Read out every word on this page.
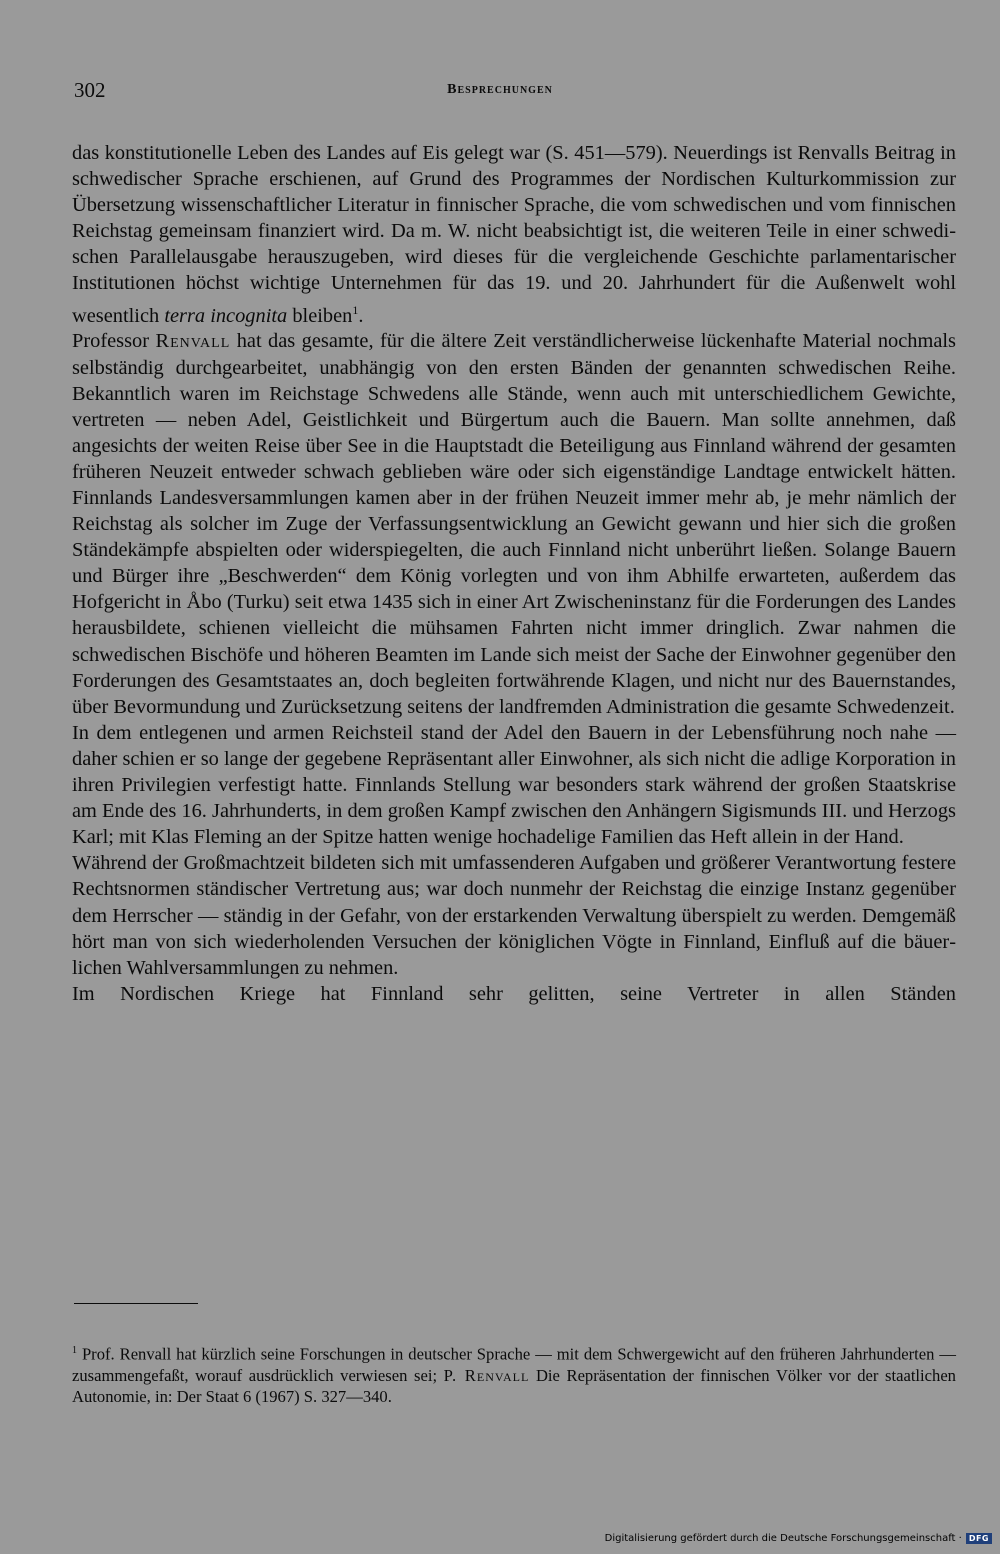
302	Besprechungen

das konstitutionelle Leben des Landes auf Eis gelegt war (S. 451—579). Neuerdings ist Renvalls Beitrag in schwedischer Sprache erschienen, auf Grund des Programmes der Nordischen Kulturkommission zur Übersetzung wissenschaftlicher Literatur in finnischer Sprache, die vom schwedischen und vom finnischen Reichstag gemeinsam finanziert wird. Da m. W. nicht beabsichtigt ist, die weiteren Teile in einer schwedischen Parallelausgabe herauszugeben, wird dieses für die vergleichende Geschichte parlamentarischer Institutionen höchst wichtige Unternehmen für das 19. und 20. Jahrhundert für die Außenwelt wohl wesentlich terra incognita bleiben$^1$.

Professor Renvall hat das gesamte, für die ältere Zeit verständlicherweise lückenhafte Material nochmals selbständig durchgearbeitet, unabhängig von den ersten Bänden der genannten schwedischen Reihe. Bekanntlich waren im Reichstage Schwedens alle Stände, wenn auch mit unterschiedlichem Gewichte, vertreten — neben Adel, Geistlichkeit und Bürgertum auch die Bauern. Man sollte annehmen, daß angesichts der weiten Reise über See in die Hauptstadt die Beteiligung aus Finnland während der gesamten früheren Neuzeit entweder schwach geblieben wäre oder sich eigenständige Landtage entwickelt hätten. Finnlands Landesversammlungen kamen aber in der frühen Neuzeit immer mehr ab, je mehr nämlich der Reichstag als solcher im Zuge der Verfassungsentwicklung an Gewicht gewann und hier sich die großen Ständekämpfe abspielten oder widerspiegelten, die auch Finnland nicht unberührt ließen. Solange Bauern und Bürger ihre „Beschwerden“ dem König vorlegten und von ihm Abhilfe erwarteten, außerdem das Hofgericht in Åbo (Turku) seit etwa 1435 sich in einer Art Zwischeninstanz für die Forderungen des Landes herausbildete, schienen vielleicht die mühsamen Fahrten nicht immer dringlich. Zwar nahmen die schwedischen Bischöfe und höheren Beamten im Lande sich meist der Sache der Einwohner gegenüber den Forderungen des Gesamtstaates an, doch begleiten fortwährende Klagen, und nicht nur des Bauernstandes, über Bevormundung und Zurücksetzung seitens der landfremden Administration die gesamte Schwedenzeit.

In dem entlegenen und armen Reichsteil stand der Adel den Bauern in der Lebensführung noch nahe — daher schien er so lange der gegebene Repräsentant aller Einwohner, als sich nicht die adlige Korporation in ihren Privilegien verfestigt hatte. Finnlands Stellung war besonders stark während der großen Staatskrise am Ende des 16. Jahrhunderts, in dem großen Kampf zwischen den Anhängern Sigismunds III. und Herzogs Karl; mit Klas Fleming an der Spitze hatten wenige hochadelige Familien das Heft allein in der Hand.

Während der Großmachtzeit bildeten sich mit umfassenderen Aufgaben und größerer Verantwortung festere Rechtsnormen ständischer Vertretung aus; war doch nunmehr der Reichstag die einzige Instanz gegenüber dem Herrscher — ständig in der Gefahr, von der erstarkenden Verwaltung überspielt zu werden. Demgemäß hört man von sich wiederholenden Versuchen der königlichen Vögte in Finnland, Einfluß auf die bäuerlichen Wahlversammlungen zu nehmen.

Im Nordischen Kriege hat Finnland sehr gelitten, seine Vertreter in allen Ständen

$^1$ Prof. Renvall hat kürzlich seine Forschungen in deutscher Sprache — mit dem Schwergewicht auf den früheren Jahrhunderten — zusammengefaßt, worauf ausdrücklich verwiesen sei; P. Renvall Die Repräsentation der finnischen Völker vor der staatlichen Autonomie, in: Der Staat 6 (1967) S. 327—340.

Digitalisierung gefördert durch die Deutsche Forschungsgemeinschaft · DFG
